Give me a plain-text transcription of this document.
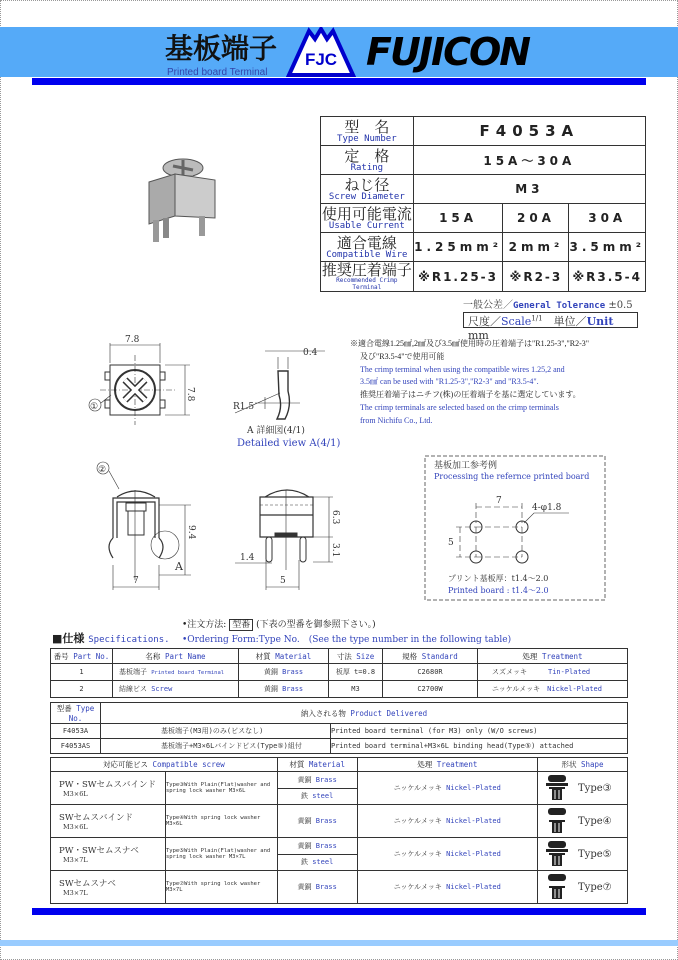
基板端子 FJC FUJICON
Printed board Terminal
型　名
Type Number	F4053A		
定　格
Rating	15A～30A		
ねじ径
Screw Diameter	M3		
使用可能電流
Usable Current	15A	20A	30A
適合電線
Compatible Wire	1.25mm²	2mm²	3.5mm²
推奨圧着端子
Recommended Crimp Terminal	※R1.25-3	※R2-3	※R3.5-4
一般公差／General Tolerance ±0.5
尺度／Scale$^{1/1}$　 単位／Unit mm
※適合電線1.25㎟,2㎟及び3.5㎟使用時の圧着端子は"R1.25-3","R2-3"
及び"R3.5-4"で使用可能
The crimp terminal when using the compatible wires 1.25,2 and
3.5㎟ can be used with "R1.25-3","R2-3" and "R3.5-4".
推奨圧着端子はニチフ(株)の圧着端子を基に選定しています。
The crimp terminals are selected based on the crimp terminals
from Nichifu Co., Ltd.
7.8
7.8
①
0.4
R1.5
A 詳細図(4/1)
Detailed view A(4/1)
A
9.4
7
②
6.3
3.1
1.4
5
基板加工参考例
Processing the refernce printed board
7
5
4-φ1.8
プリント基板厚：t1.4～2.0
Printed board : t1.4～2.0
•注文方法: 型番 (下表の型番を御参照下さい。)
•Ordering Form:Type No.　(See the type number in the following table)
■仕様 Specifications.
番号 Part No.	名称 Part Name	材質 Material	寸法 Size	規格 Standard	処理 Treatment
1	基板端子 Printed board Terminal	黄銅 Brass	板厚 t=0.8	C2680R	スズメッキ　　　 Tin-Plated
2	結線ビス Screw	黄銅 Brass	M3	C2700W	ニッケルメッキ　 Nickel-Plated
型番 Type No.	納入される物 Product Delivered	
F4053A	基板端子(M3用)のみ(ビスなし)	Printed board terminal (for M3) only (W/O screws)
F4053AS	基板端子+M3×6Lバインドビス(Type⑤)組付	Printed board terminal+M3×6L binding head(Type⑤) attached
対応可能ビス Compatible screw		材質 Material	処理 Treatment	形状 Shape

PW・SWセムスバインド
M3×6L	Type③With Plain(Flat)washer and spring lock washer M3×6L	黄銅 Brass	ニッケルメッキ Nickel-Plated	Type③
		鉄 steel		

SWセムスバインド
M3×6L	Type④With spring lock washer M3×6L	黄銅 Brass	ニッケルメッキ Nickel-Plated	Type④

PW・SWセムスナベ
M3×7L	Type⑤With Plain(Flat)washer and spring lock washer M3×7L	黄銅 Brass	ニッケルメッキ Nickel-Plated	Type⑤
		鉄 steel		

SWセムスナベ
M3×7L	Type⑦With spring lock washer M3×7L	黄銅 Brass	ニッケルメッキ Nickel-Plated	Type⑦
